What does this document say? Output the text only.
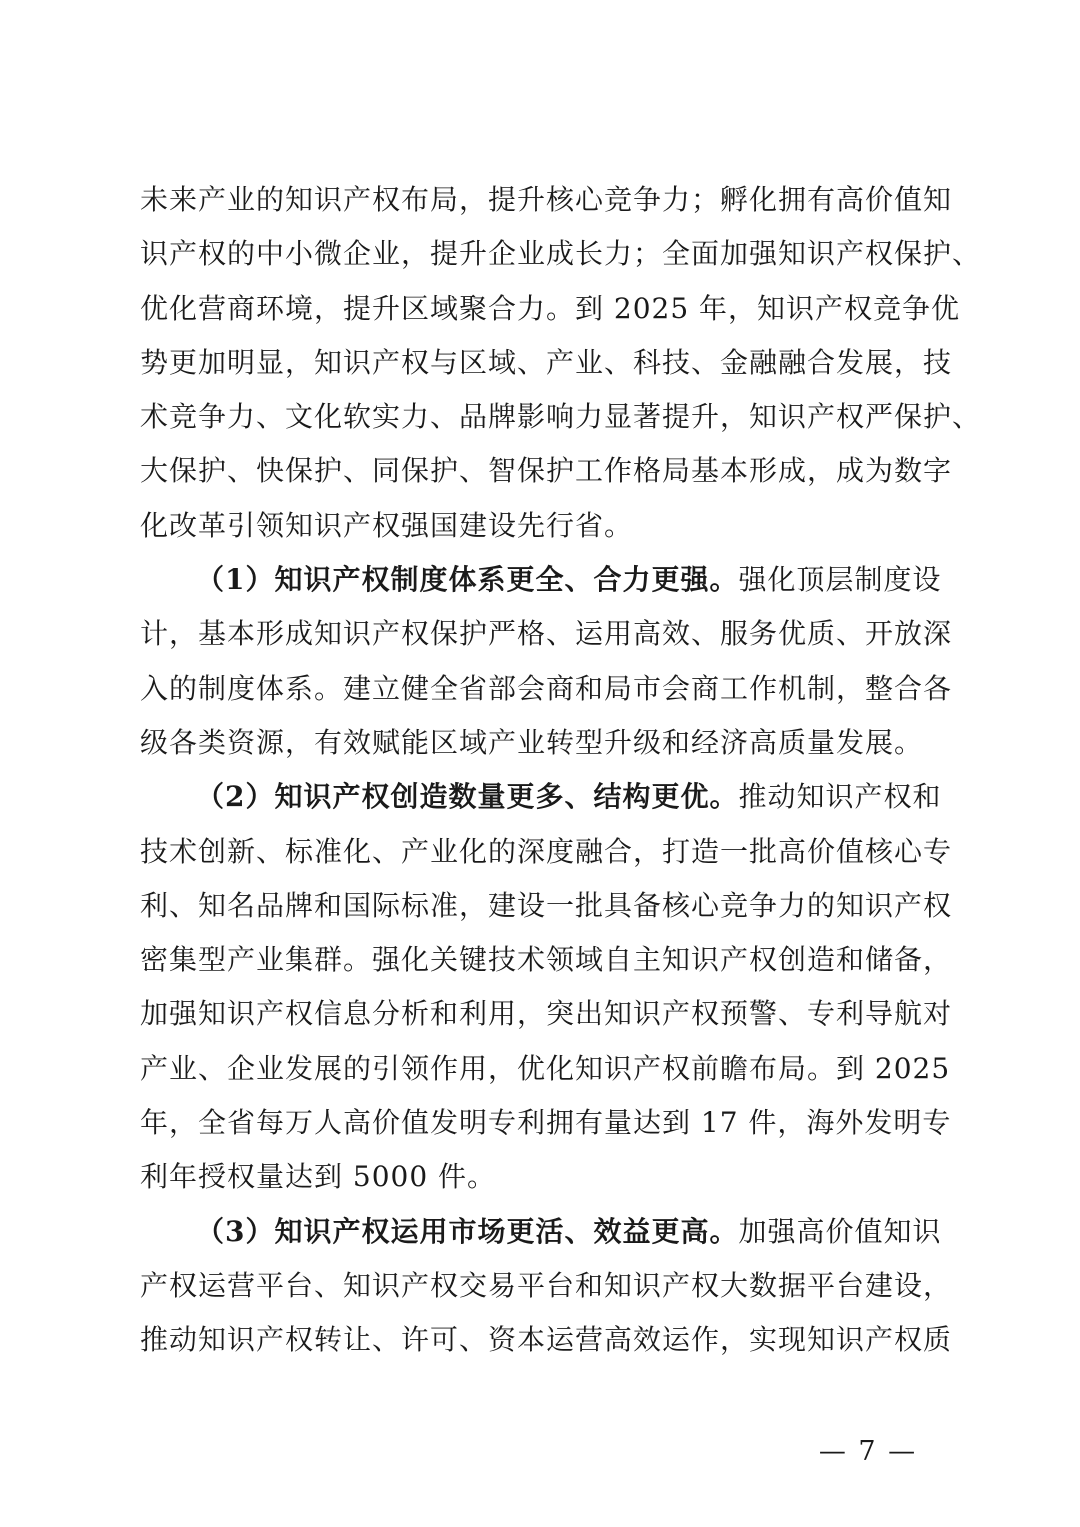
未来产业的知识产权布局，提升核心竞争力；孵化拥有高价值知
识产权的中小微企业，提升企业成长力；全面加强知识产权保护、
优化营商环境，提升区域聚合力。到 2025 年，知识产权竞争优
势更加明显，知识产权与区域、产业、科技、金融融合发展，技
术竞争力、文化软实力、品牌影响力显著提升，知识产权严保护、
大保护、快保护、同保护、智保护工作格局基本形成，成为数字
化改革引领知识产权强国建设先行省。
（1）知识产权制度体系更全、合力更强。强化顶层制度设
计，基本形成知识产权保护严格、运用高效、服务优质、开放深
入的制度体系。建立健全省部会商和局市会商工作机制，整合各
级各类资源，有效赋能区域产业转型升级和经济高质量发展。
（2）知识产权创造数量更多、结构更优。推动知识产权和
技术创新、标准化、产业化的深度融合，打造一批高价值核心专
利、知名品牌和国际标准，建设一批具备核心竞争力的知识产权
密集型产业集群。强化关键技术领域自主知识产权创造和储备，
加强知识产权信息分析和利用，突出知识产权预警、专利导航对
产业、企业发展的引领作用，优化知识产权前瞻布局。到 2025
年，全省每万人高价值发明专利拥有量达到 17 件，海外发明专
利年授权量达到 5000 件。
（3）知识产权运用市场更活、效益更高。加强高价值知识
产权运营平台、知识产权交易平台和知识产权大数据平台建设，
推动知识产权转让、许可、资本运营高效运作，实现知识产权质
— 7 —
